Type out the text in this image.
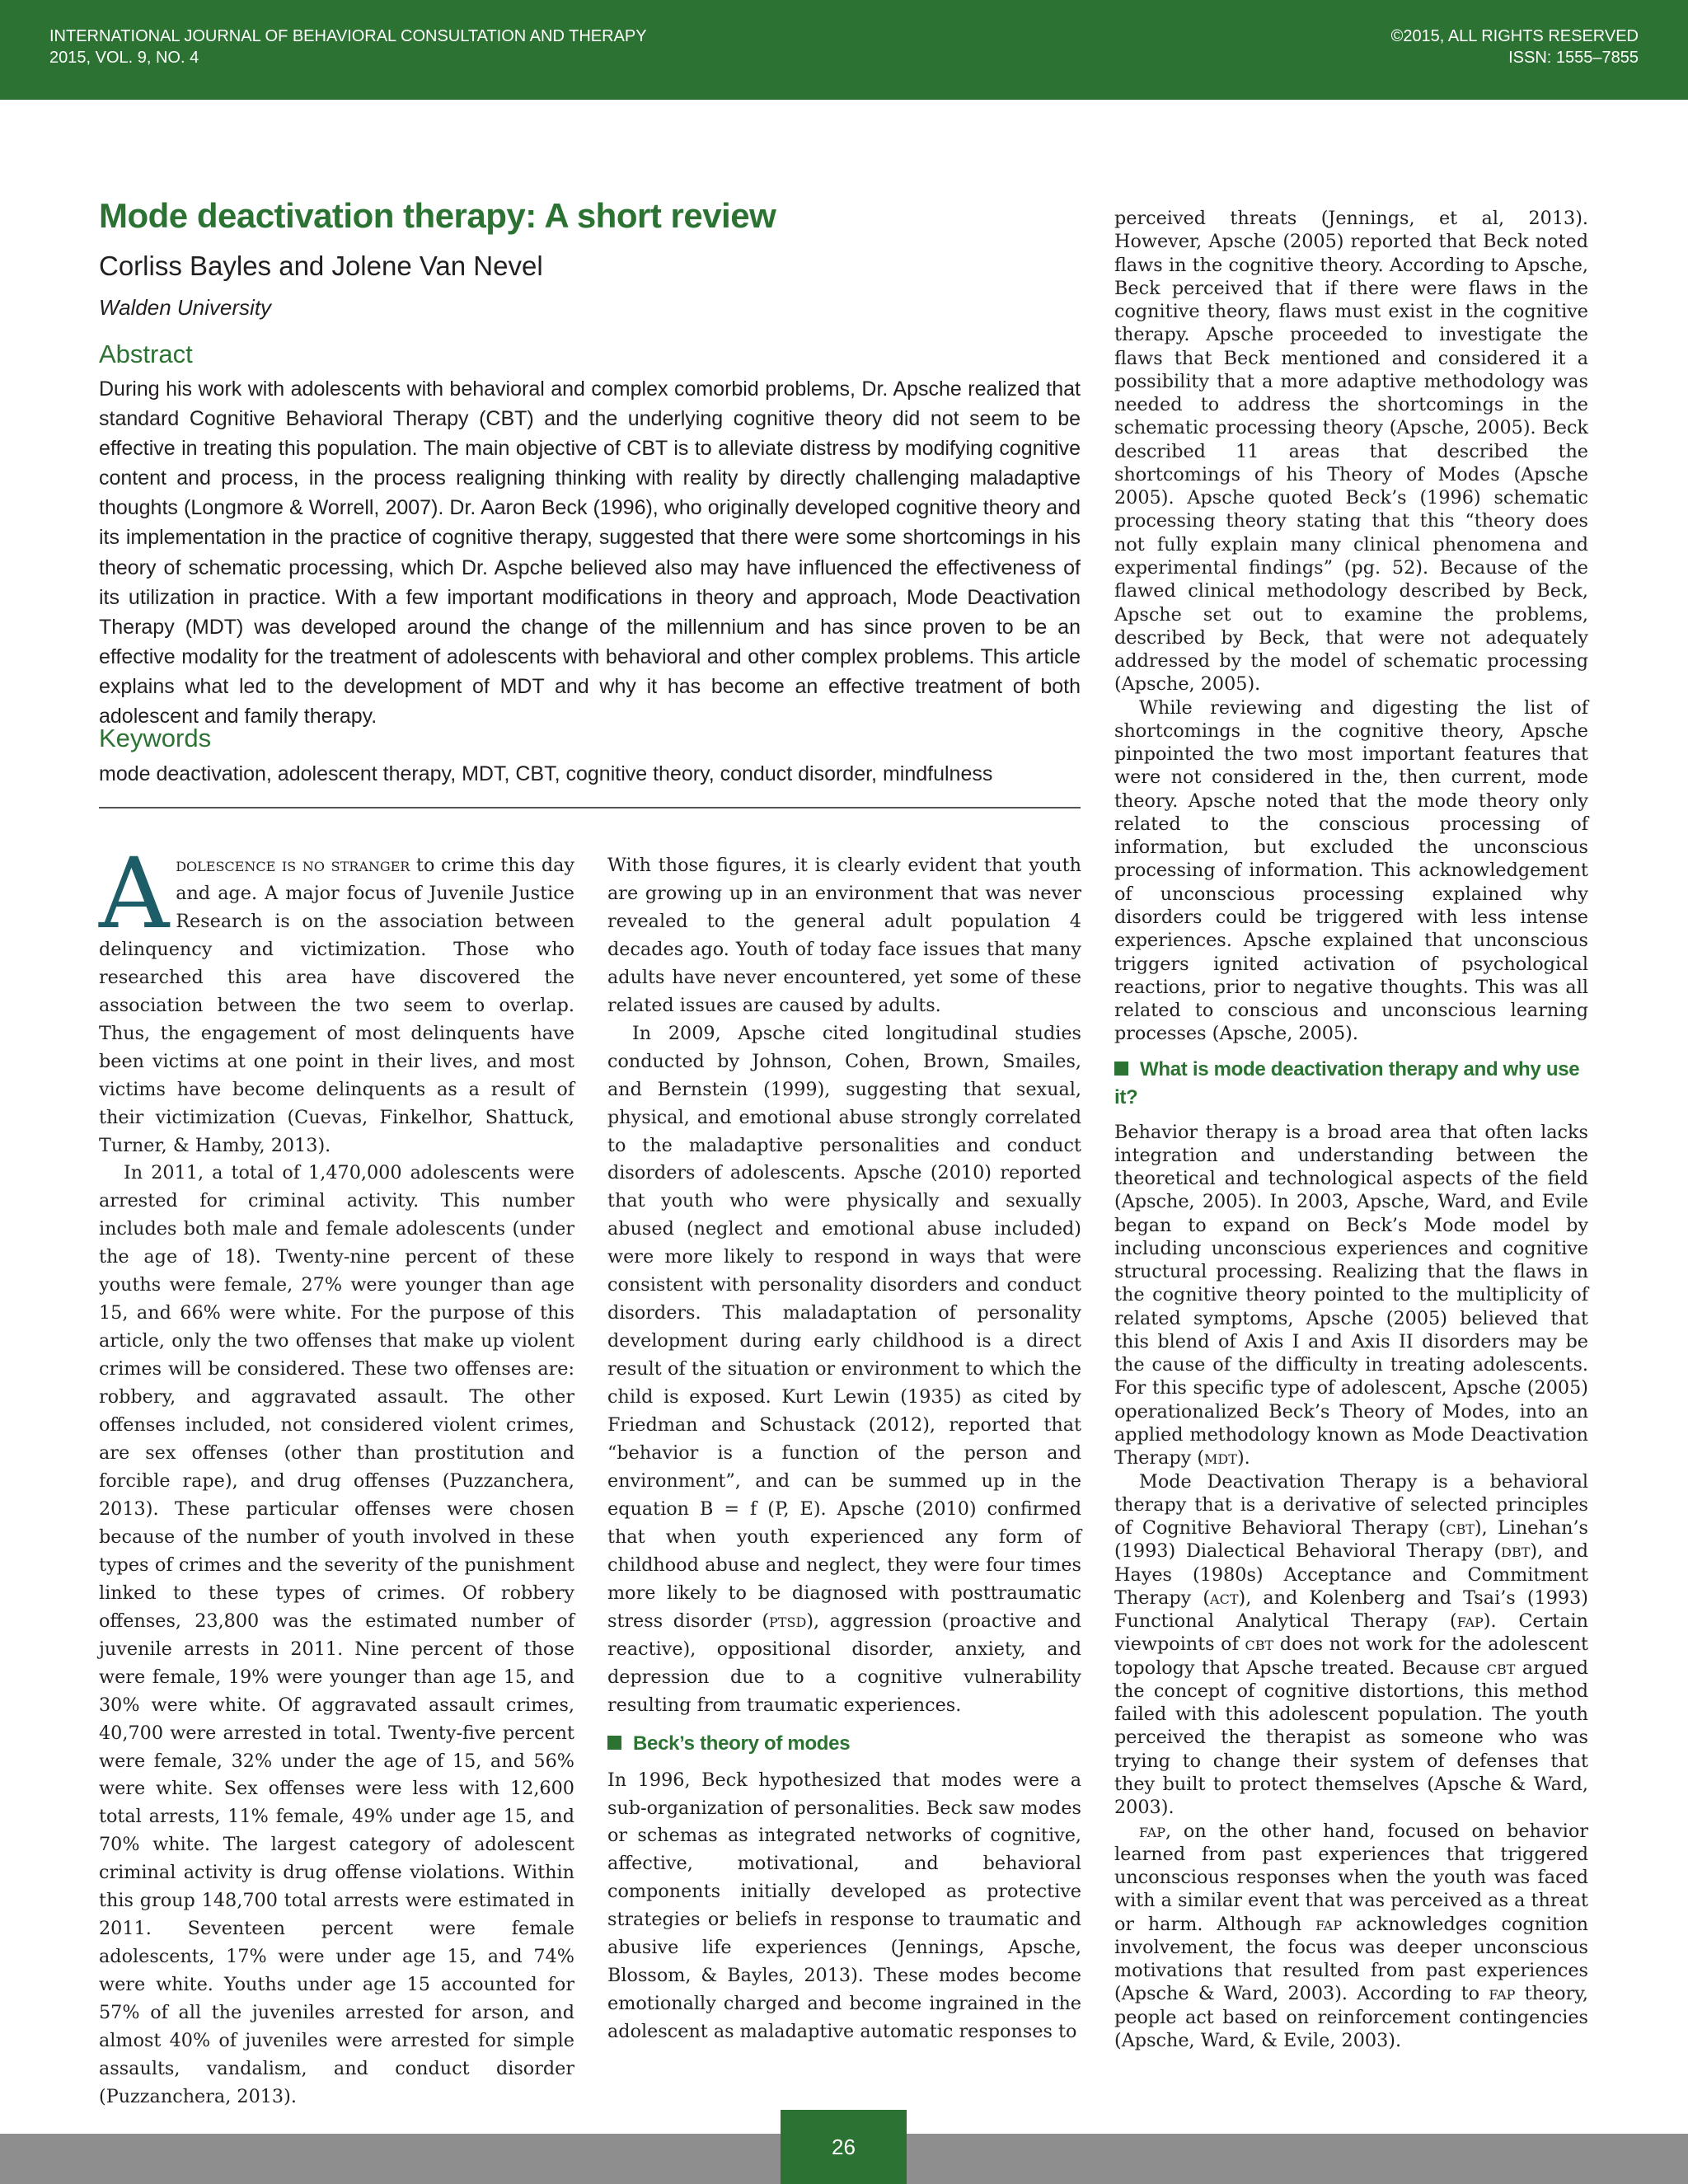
INTERNATIONAL JOURNAL OF BEHAVIORAL CONSULTATION AND THERAPY
2015, VOL. 9, NO. 4
©2015, ALL RIGHTS RESERVED
ISSN: 1555–7855
Mode deactivation therapy: A short review
Corliss Bayles and Jolene Van Nevel
Walden University
Abstract

During his work with adolescents with behavioral and complex comorbid problems, Dr. Apsche realized that standard Cognitive Behavioral Therapy (CBT) and the underlying cognitive theory did not seem to be effective in treating this population. The main objective of CBT is to alleviate distress by modifying cognitive content and process, in the process realigning thinking with reality by directly challenging maladaptive thoughts (Longmore & Worrell, 2007). Dr. Aaron Beck (1996), who originally developed cognitive theory and its implementation in the practice of cognitive therapy, suggested that there were some shortcomings in his theory of schematic processing, which Dr. Aspche believed also may have influenced the effectiveness of its utilization in practice. With a few important modifications in theory and approach, Mode Deactivation Therapy (MDT) was developed around the change of the millennium and has since proven to be an effective modality for the treatment of adolescents with behavioral and other complex problems. This article explains what led to the development of MDT and why it has become an effective treatment of both adolescent and family therapy.

Keywords

mode deactivation, adolescent therapy, MDT, CBT, cognitive theory, conduct disorder, mindfulness

Adolescence is no stranger to crime this day and age. A major focus of Juvenile Justice Research is on the association between delinquency and victimization. Those who researched this area have discovered the association between the two seem to overlap. Thus, the engagement of most delinquents have been victims at one point in their lives, and most victims have become delinquents as a result of their victimization (Cuevas, Finkelhor, Shattuck, Turner, & Hamby, 2013).

In 2011, a total of 1,470,000 adolescents were arrested for criminal activity. This number includes both male and female adolescents (under the age of 18). Twenty-nine percent of these youths were female, 27% were younger than age 15, and 66% were white. For the purpose of this article, only the two offenses that make up violent crimes will be considered. These two offenses are: robbery, and aggravated assault. The other offenses included, not considered violent crimes, are sex offenses (other than prostitution and forcible rape), and drug offenses (Puzzanchera, 2013). These particular offenses were chosen because of the number of youth involved in these types of crimes and the severity of the punishment linked to these types of crimes. Of robbery offenses, 23,800 was the estimated number of juvenile arrests in 2011. Nine percent of those were female, 19% were younger than age 15, and 30% were white. Of aggravated assault crimes, 40,700 were arrested in total. Twenty-five percent were female, 32% under the age of 15, and 56% were white. Sex offenses were less with 12,600 total arrests, 11% female, 49% under age 15, and 70% white. The largest category of adolescent criminal activity is drug offense violations. Within this group 148,700 total arrests were estimated in 2011. Seventeen percent were female adolescents, 17% were under age 15, and 74% were white. Youths under age 15 accounted for 57% of all the juveniles arrested for arson, and almost 40% of juveniles were arrested for simple assaults, vandalism, and conduct disorder (Puzzanchera, 2013).

With those figures, it is clearly evident that youth are growing up in an environment that was never revealed to the general adult population 4 decades ago. Youth of today face issues that many adults have never encountered, yet some of these related issues are caused by adults.

In 2009, Apsche cited longitudinal studies conducted by Johnson, Cohen, Brown, Smailes, and Bernstein (1999), suggesting that sexual, physical, and emotional abuse strongly correlated to the maladaptive personalities and conduct disorders of adolescents. Apsche (2010) reported that youth who were physically and sexually abused (neglect and emotional abuse included) were more likely to respond in ways that were consistent with personality disorders and conduct disorders. This maladaptation of personality development during early childhood is a direct result of the situation or environment to which the child is exposed. Kurt Lewin (1935) as cited by Friedman and Schustack (2012), reported that “behavior is a function of the person and environment”, and can be summed up in the equation B = f (P, E). Apsche (2010) confirmed that when youth experienced any form of childhood abuse and neglect, they were four times more likely to be diagnosed with posttraumatic stress disorder (ptsd), aggression (proactive and reactive), oppositional disorder, anxiety, and depression due to a cognitive vulnerability resulting from traumatic experiences.

Beck’s theory of modes

In 1996, Beck hypothesized that modes were a sub-organization of personalities. Beck saw modes or schemas as integrated networks of cognitive, affective, motivational, and behavioral components initially developed as protective strategies or beliefs in response to traumatic and abusive life experiences (Jennings, Apsche, Blossom, & Bayles, 2013). These modes become emotionally charged and become ingrained in the adolescent as maladaptive automatic responses to

perceived threats (Jennings, et al, 2013). However, Apsche (2005) reported that Beck noted flaws in the cognitive theory. According to Apsche, Beck perceived that if there were flaws in the cognitive theory, flaws must exist in the cognitive therapy. Apsche proceeded to investigate the flaws that Beck mentioned and considered it a possibility that a more adaptive methodology was needed to address the shortcomings in the schematic processing theory (Apsche, 2005). Beck described 11 areas that described the shortcomings of his Theory of Modes (Apsche 2005). Apsche quoted Beck’s (1996) schematic processing theory stating that this “theory does not fully explain many clinical phenomena and experimental findings” (pg. 52). Because of the flawed clinical methodology described by Beck, Apsche set out to examine the problems, described by Beck, that were not adequately addressed by the model of schematic processing (Apsche, 2005).

While reviewing and digesting the list of shortcomings in the cognitive theory, Apsche pinpointed the two most important features that were not considered in the, then current, mode theory. Apsche noted that the mode theory only related to the conscious processing of information, but excluded the unconscious processing of information. This acknowledgement of unconscious processing explained why disorders could be triggered with less intense experiences. Apsche explained that unconscious triggers ignited activation of psychological reactions, prior to negative thoughts. This was all related to conscious and unconscious learning processes (Apsche, 2005).

What is mode deactivation therapy and why use it?

Behavior therapy is a broad area that often lacks integration and understanding between the theoretical and technological aspects of the field (Apsche, 2005). In 2003, Apsche, Ward, and Evile began to expand on Beck’s Mode model by including unconscious experiences and cognitive structural processing. Realizing that the flaws in the cognitive theory pointed to the multiplicity of related symptoms, Apsche (2005) believed that this blend of Axis I and Axis II disorders may be the cause of the difficulty in treating adolescents. For this specific type of adolescent, Apsche (2005) operationalized Beck’s Theory of Modes, into an applied methodology known as Mode Deactivation Therapy (mdt).

Mode Deactivation Therapy is a behavioral therapy that is a derivative of selected principles of Cognitive Behavioral Therapy (cbt), Linehan’s (1993) Dialectical Behavioral Therapy (dbt), and Hayes (1980s) Acceptance and Commitment Therapy (act), and Kolenberg and Tsai’s (1993) Functional Analytical Therapy (fap). Certain viewpoints of cbt does not work for the adolescent topology that Apsche treated. Because cbt argued the concept of cognitive distortions, this method failed with this adolescent population. The youth perceived the therapist as someone who was trying to change their system of defenses that they built to protect themselves (Apsche & Ward, 2003).

fap, on the other hand, focused on behavior learned from past experiences that triggered unconscious responses when the youth was faced with a similar event that was perceived as a threat or harm. Although fap acknowledges cognition involvement, the focus was deeper unconscious motivations that resulted from past experiences (Apsche & Ward, 2003). According to fap theory, people act based on reinforcement contingencies (Apsche, Ward, & Evile, 2003).

26
